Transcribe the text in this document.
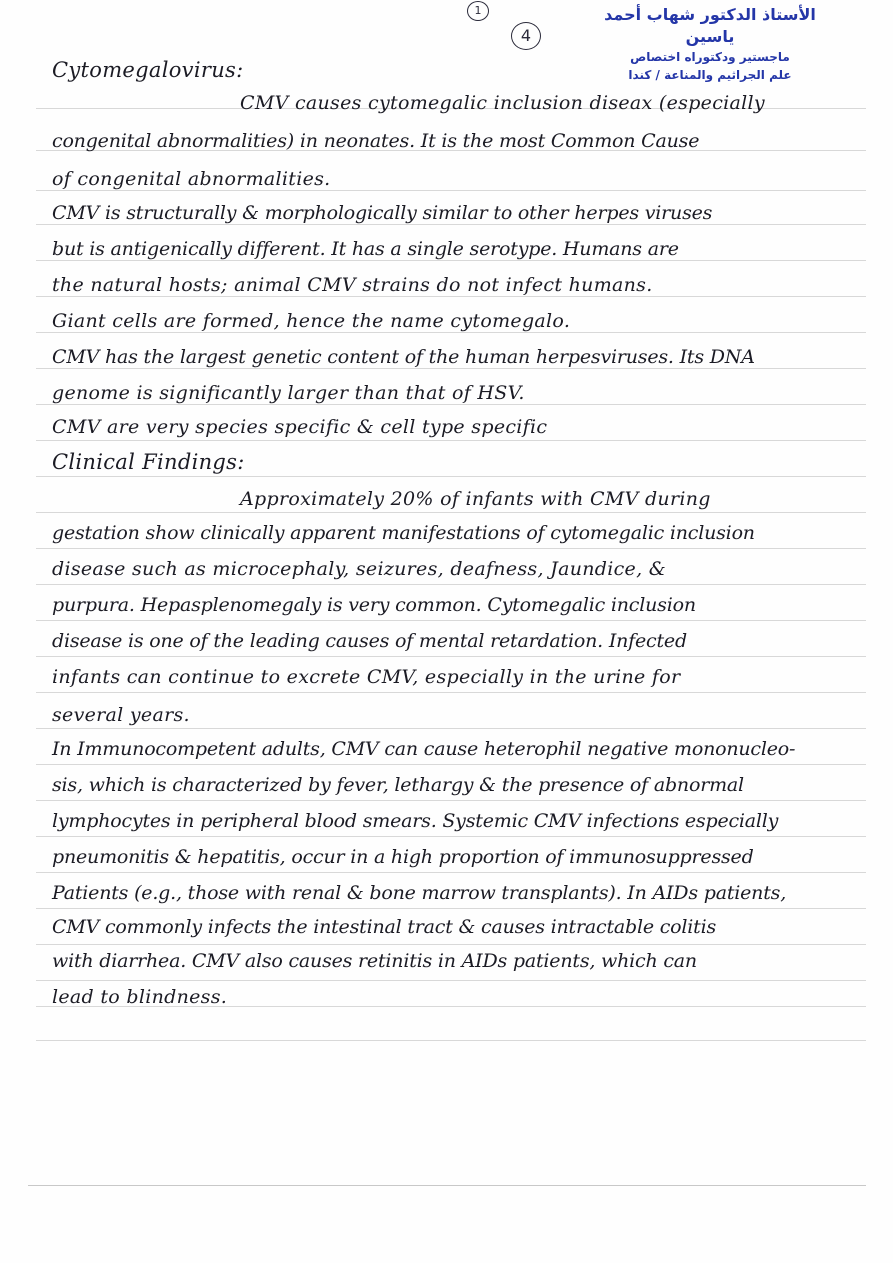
1
4
الأستاذ الدكتور شهاب أحمد ياسين
ماجستير ودكتوراه اختصاص
علم الجراثيم والمناعة / كندا
Cytomegalovirus:
CMV causes cytomegalic inclusion diseax (especially
congenital abnormalities) in neonates. It is the most Common Cause
of congenital abnormalities.
CMV is structurally & morphologically similar to other herpes viruses
but is antigenically different. It has a single serotype. Humans are
the natural hosts; animal CMV strains do not infect humans.
Giant cells are formed, hence the name cytomegalo.
CMV has the largest genetic content of the human herpesviruses. Its DNA
genome is significantly larger than that of HSV.
CMV are very species specific & cell type specific
Clinical Findings:
Approximately 20% of infants with CMV during
gestation show clinically apparent manifestations of cytomegalic inclusion
disease such as microcephaly, seizures, deafness, Jaundice, &
purpura. Hepasplenomegaly is very common. Cytomegalic inclusion
disease is one of the leading causes of mental retardation. Infected
infants can continue to excrete CMV, especially in the urine for
several years.
In Immunocompetent adults, CMV can cause heterophil negative mononucleo-
sis, which is characterized by fever, lethargy & the presence of abnormal
lymphocytes in peripheral blood smears. Systemic CMV infections especially
pneumonitis & hepatitis, occur in a high proportion of immunosuppressed
Patients (e.g., those with renal & bone marrow transplants). In AIDs patients,
CMV commonly infects the intestinal tract & causes intractable colitis
with diarrhea. CMV also causes retinitis in AIDs patients, which can
lead to blindness.
